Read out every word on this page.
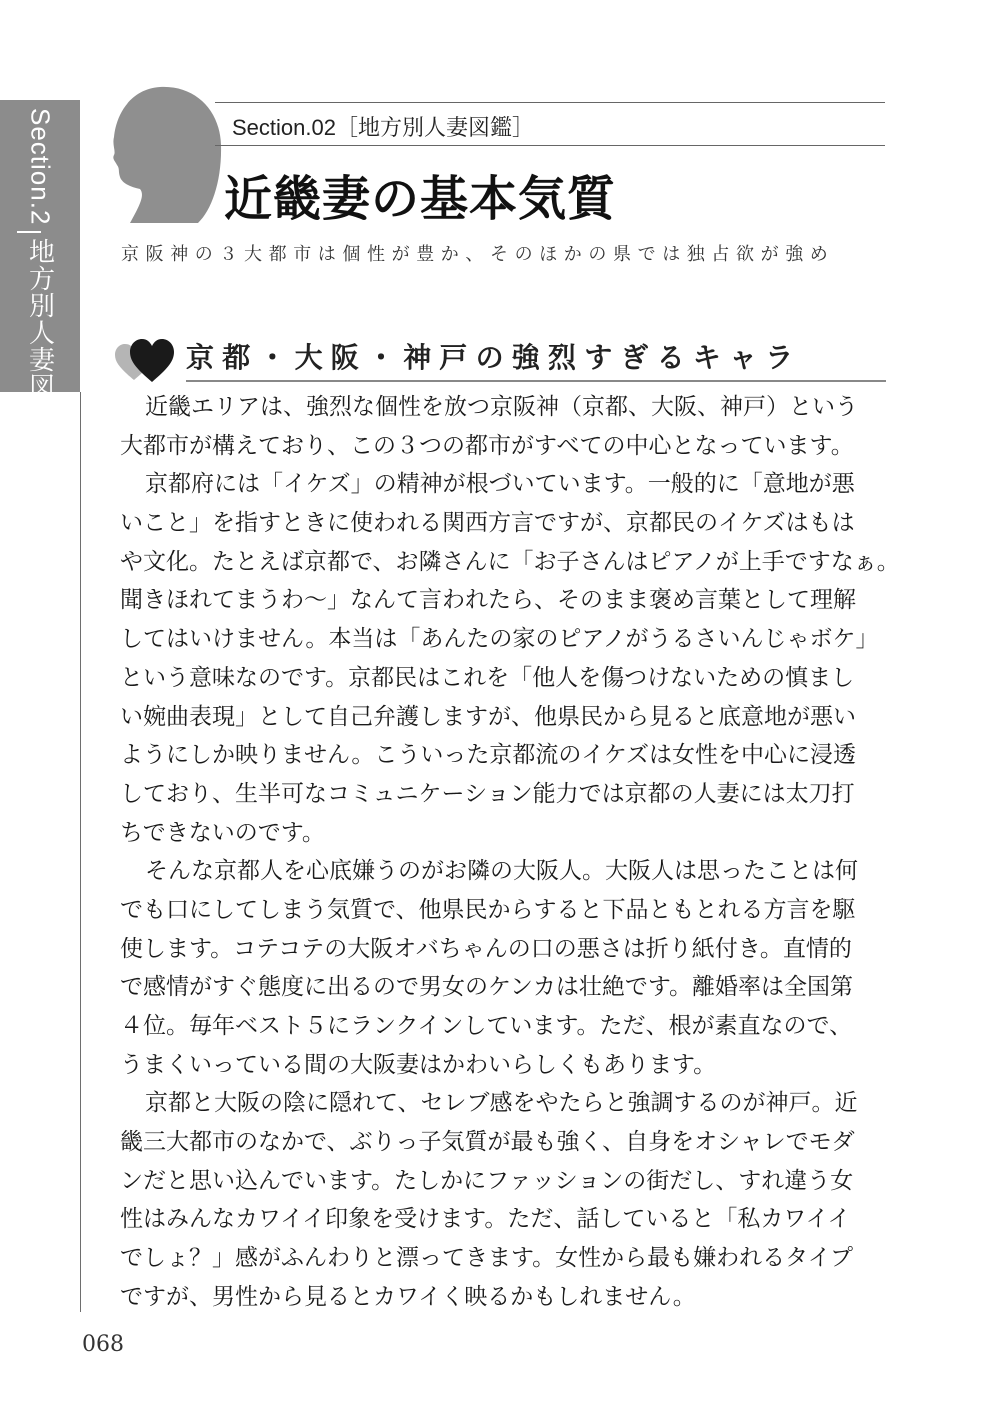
Section.2
地方別人妻図鑑
Section.02［地方別人妻図鑑］
近畿妻の基本気質
京阪神の３大都市は個性が豊か、そのほかの県では独占欲が強め
京都・大阪・神戸の強烈すぎるキャラ
近畿エリアは、強烈な個性を放つ京阪神（京都、大阪、神戸）という
大都市が構えており、この３つの都市がすべての中心となっています。
京都府には「イケズ」の精神が根づいています。一般的に「意地が悪
いこと」を指すときに使われる関西方言ですが、京都民のイケズはもは
や文化。たとえば京都で、お隣さんに「お子さんはピアノが上手ですなぁ。
聞きほれてまうわ～」なんて言われたら、そのまま褒め言葉として理解
してはいけません。本当は「あんたの家のピアノがうるさいんじゃボケ」
という意味なのです。京都民はこれを「他人を傷つけないための慎まし
い婉曲表現」として自己弁護しますが、他県民から見ると底意地が悪い
ようにしか映りません。こういった京都流のイケズは女性を中心に浸透
しており、生半可なコミュニケーション能力では京都の人妻には太刀打
ちできないのです。
そんな京都人を心底嫌うのがお隣の大阪人。大阪人は思ったことは何
でも口にしてしまう気質で、他県民からすると下品ともとれる方言を駆
使します。コテコテの大阪オバちゃんの口の悪さは折り紙付き。直情的
で感情がすぐ態度に出るので男女のケンカは壮絶です。離婚率は全国第
４位。毎年ベスト５にランクインしています。ただ、根が素直なので、
うまくいっている間の大阪妻はかわいらしくもあります。
京都と大阪の陰に隠れて、セレブ感をやたらと強調するのが神戸。近
畿三大都市のなかで、ぶりっ子気質が最も強く、自身をオシャレでモダ
ンだと思い込んでいます。たしかにファッションの街だし、すれ違う女
性はみんなカワイイ印象を受けます。ただ、話していると「私カワイイ
でしょ？」感がふんわりと漂ってきます。女性から最も嫌われるタイプ
ですが、男性から見るとカワイく映るかもしれません。
068
